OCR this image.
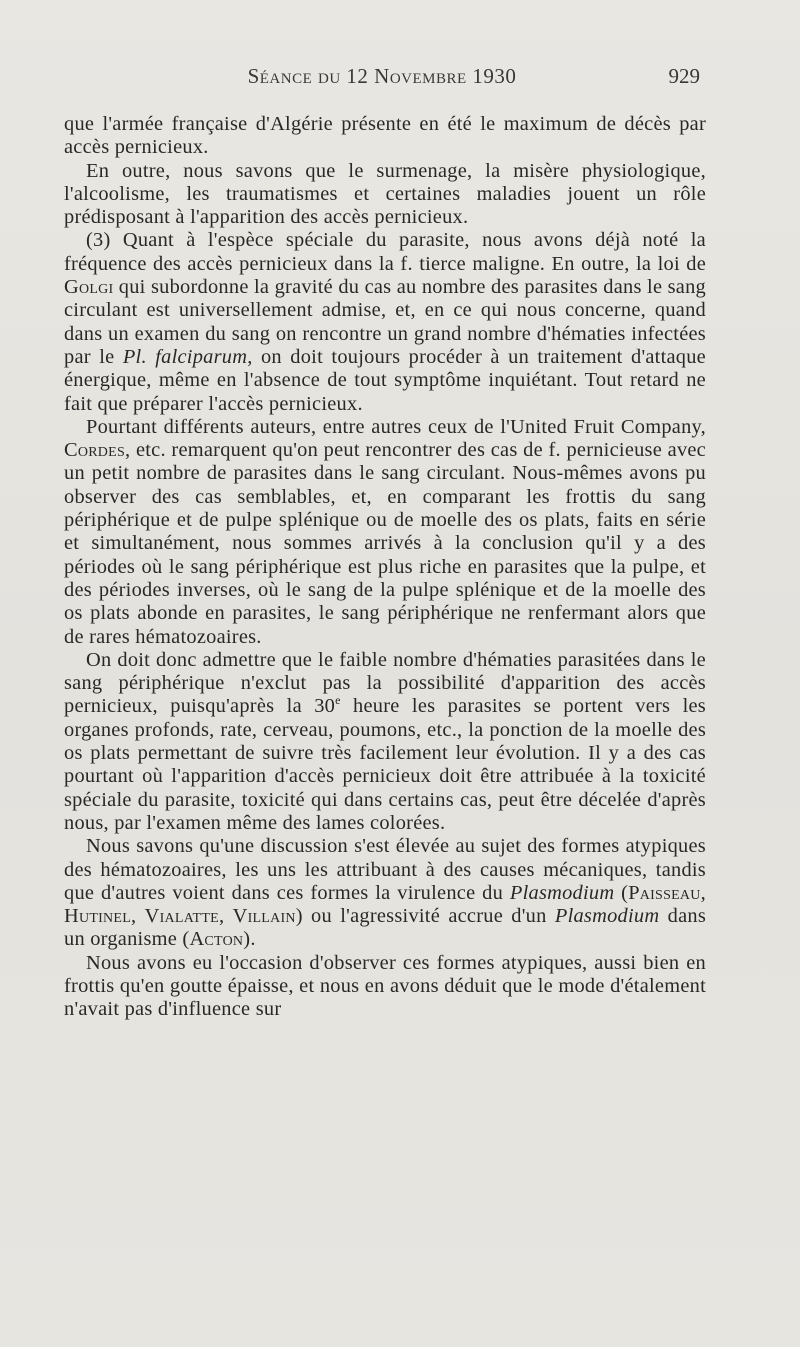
Séance du 12 Novembre 1930	929

que l'armée française d'Algérie présente en été le maximum de décès par accès pernicieux.

En outre, nous savons que le surmenage, la misère physiologique, l'alcoolisme, les traumatismes et certaines maladies jouent un rôle prédisposant à l'apparition des accès pernicieux.

(3) Quant à l'espèce spéciale du parasite, nous avons déjà noté la fréquence des accès pernicieux dans la f. tierce maligne. En outre, la loi de Golgi qui subordonne la gravité du cas au nombre des parasites dans le sang circulant est universellement admise, et, en ce qui nous concerne, quand dans un examen du sang on rencontre un grand nombre d'hématies infectées par le Pl. falciparum, on doit toujours procéder à un traitement d'attaque énergique, même en l'absence de tout symptôme inquiétant. Tout retard ne fait que préparer l'accès pernicieux.

Pourtant différents auteurs, entre autres ceux de l'United Fruit Company, Cordes, etc. remarquent qu'on peut rencontrer des cas de f. pernicieuse avec un petit nombre de parasites dans le sang circulant. Nous-mêmes avons pu observer des cas semblables, et, en comparant les frottis du sang périphérique et de pulpe splénique ou de moelle des os plats, faits en série et simultanément, nous sommes arrivés à la conclusion qu'il y a des périodes où le sang périphérique est plus riche en parasites que la pulpe, et des périodes inverses, où le sang de la pulpe splénique et de la moelle des os plats abonde en parasites, le sang périphérique ne renfermant alors que de rares hématozoaires.

On doit donc admettre que le faible nombre d'hématies parasitées dans le sang périphérique n'exclut pas la possibilité d'apparition des accès pernicieux, puisqu'après la 30e heure les parasites se portent vers les organes profonds, rate, cerveau, poumons, etc., la ponction de la moelle des os plats permettant de suivre très facilement leur évolution. Il y a des cas pourtant où l'apparition d'accès pernicieux doit être attribuée à la toxicité spéciale du parasite, toxicité qui dans certains cas, peut être décelée d'après nous, par l'examen même des lames colorées.

Nous savons qu'une discussion s'est élevée au sujet des formes atypiques des hématozoaires, les uns les attribuant à des causes mécaniques, tandis que d'autres voient dans ces formes la virulence du Plasmodium (Paisseau, Hutinel, Vialatte, Villain) ou l'agressivité accrue d'un Plasmodium dans un organisme (Acton).

Nous avons eu l'occasion d'observer ces formes atypiques, aussi bien en frottis qu'en goutte épaisse, et nous en avons déduit que le mode d'étalement n'avait pas d'influence sur
